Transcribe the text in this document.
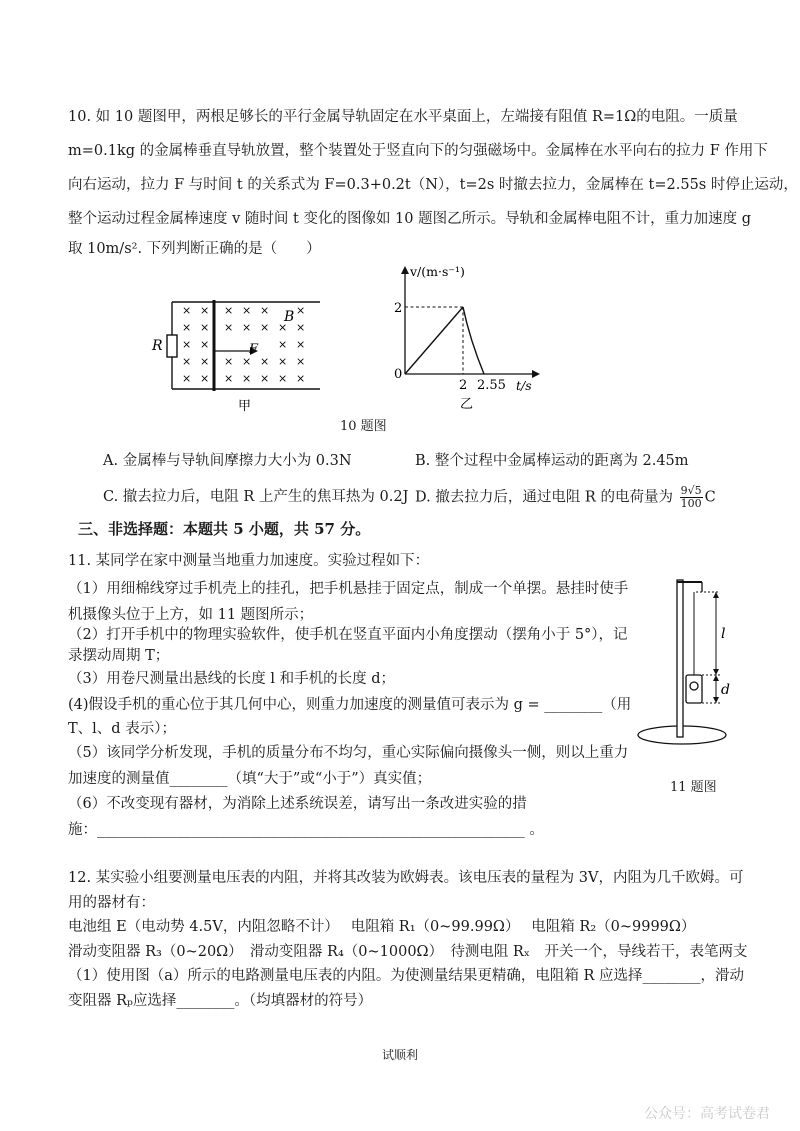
10. 如 10 题图甲，两根足够长的平行金属导轨固定在水平桌面上，左端接有阻值 R=1Ω的电阻。一质量
m=0.1kg 的金属棒垂直导轨放置，整个装置处于竖直向下的匀强磁场中。金属棒在水平向右的拉力 F 作用下
向右运动，拉力 F 与时间 t 的关系式为 F=0.3+0.2t（N），t=2s 时撤去拉力，金属棒在 t=2.55s 时停止运动，
整个运动过程金属棒速度 v 随时间 t 变化的图像如 10 题图乙所示。导轨和金属棒电阻不计，重力加速度 g
取 10m/s². 下列判断正确的是（　　）
R	F
B
× × × × × ×
× × × × × × ×
× ×	× ×
× × × × × × ×
× × × × × × ×
甲
v/(m·s⁻¹)
t/s
2
0
2 2.55
乙
10 题图
A. 金属棒与导轨间摩擦力大小为 0.3N	B. 整个过程中金属棒运动的距离为 2.45m
C. 撤去拉力后，电阻 R 上产生的焦耳热为 0.2J D. 撤去拉力后，通过电阻 R 的电荷量为 $\frac{9√5}{100}$ C
三、非选择题：本题共 5 小题，共 57 分。
11. 某同学在家中测量当地重力加速度。实验过程如下：
（1）用细棉线穿过手机壳上的挂孔，把手机悬挂于固定点，制成一个单摆。悬挂时使手
机摄像头位于上方，如 11 题图所示；
（2）打开手机中的物理实验软件，使手机在竖直平面内小角度摆动（摆角小于 5°），记
录摆动周期 T；
（3）用卷尺测量出悬线的长度 l 和手机的长度 d；
(4)假设手机的重心位于其几何中心，则重力加速度的测量值可表示为 g = ________（用
T、l、d 表示）；
（5）该同学分析发现，手机的质量分布不均匀，重心实际偏向摄像头一侧，则以上重力
加速度的测量值________（填“大于”或“小于”）真实值；
（6）不改变现有器材，为消除上述系统误差，请写出一条改进实验的措
施：___________________________________________________________ 。
l
d
11 题图
12. 某实验小组要测量电压表的内阻，并将其改装为欧姆表。该电压表的量程为 3V，内阻为几千欧姆。可
用的器材有：
电池组 E（电动势 4.5V，内阻忽略不计）　 电阻箱 R₁（0~99.99Ω）　 电阻箱 R₂（0~9999Ω）
滑动变阻器 R₃（0~20Ω）　滑动变阻器 R₄（0~1000Ω）　待测电阻 Rₓ　开关一个，导线若干，表笔两支
（1）使用图（a）所示的电路测量电压表的内阻。为使测量结果更精确，电阻箱 R 应选择________，滑动
变阻器 Rₚ应选择________。（均填器材的符号）
试顺利
公众号：高考试卷君
